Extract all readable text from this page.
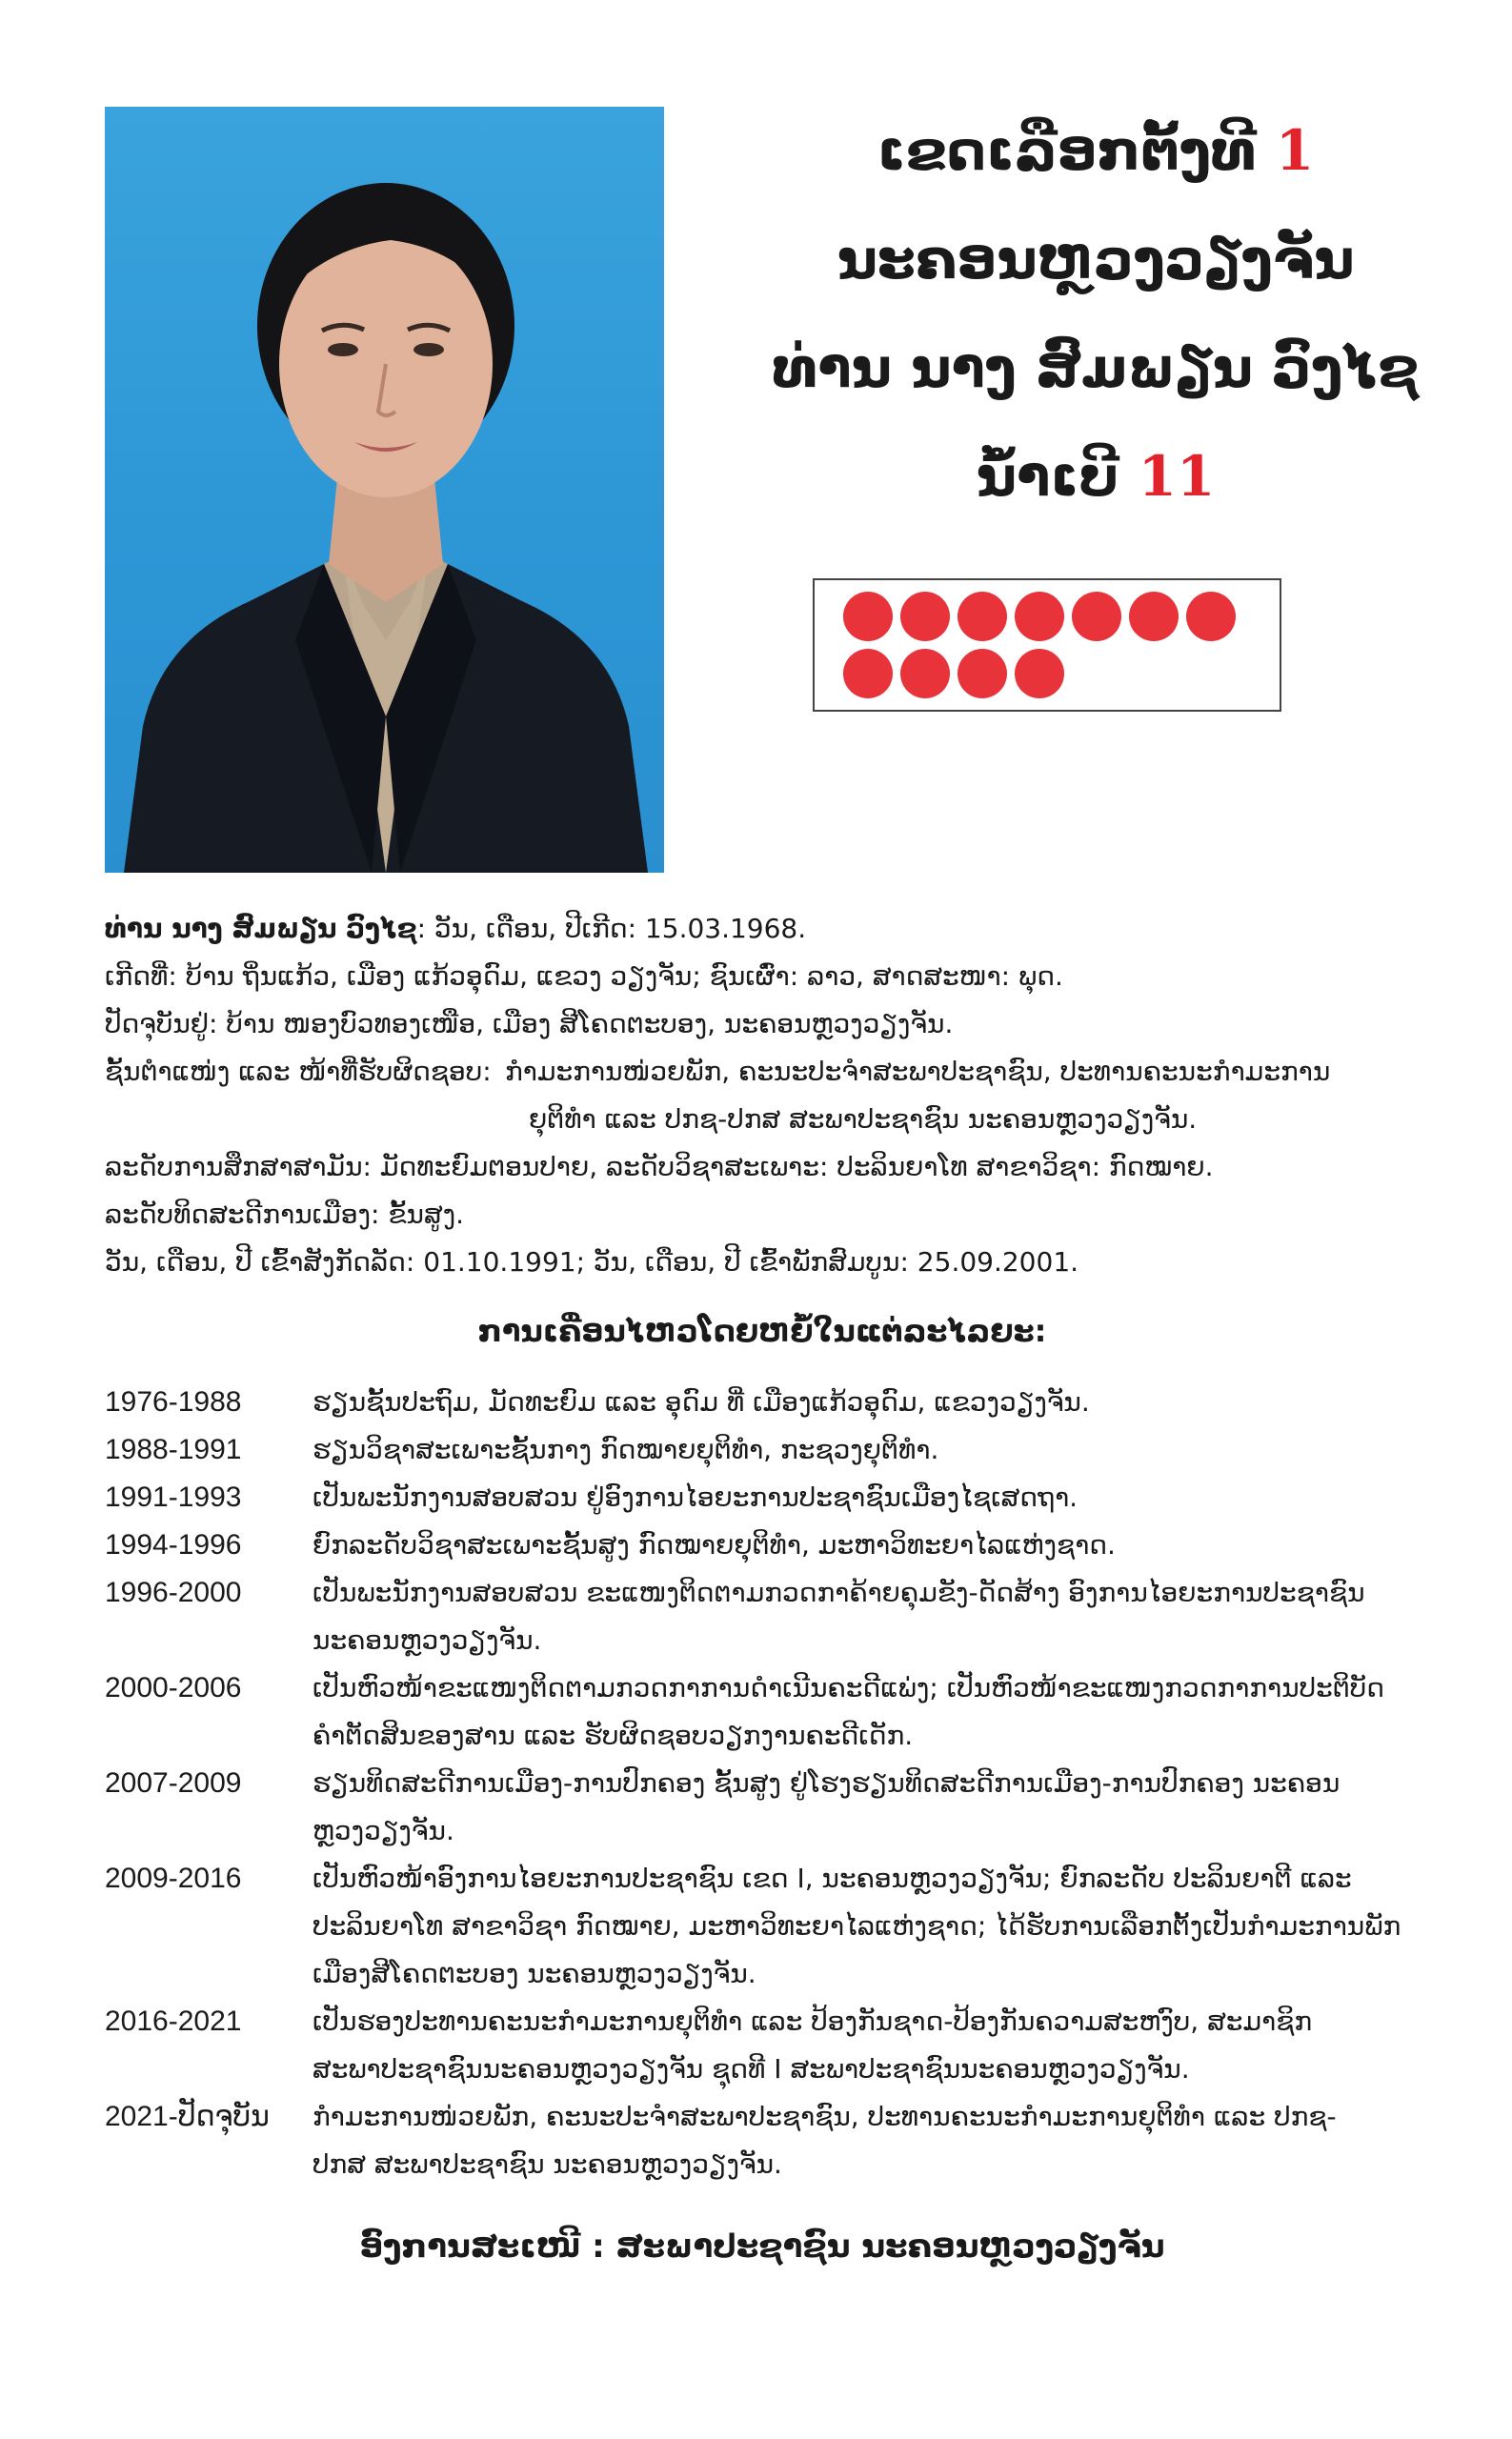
ເຂດເລືອກຕັ້ງທີ 1
ນະຄອນຫຼວງວຽງຈັນ
ທ່ານ ນາງ ສົມພຽນ ວົງໄຊ
ນໍ້າເບີ 11

ທ່ານ ນາງ ສົມພຽນ ວົງໄຊ: ວັນ, ເດືອນ, ປີເກີດ: 15.03.1968.
ເກີດທີ່: ບ້ານ ຖິ່ນແກ້ວ, ເມືອງ ແກ້ວອຸດົມ, ແຂວງ ວຽງຈັນ; ຊົນເຜົ່າ: ລາວ, ສາດສະໜາ: ພຸດ.
ປັດຈຸບັນຢູ່: ບ້ານ ໜອງບົວທອງເໜືອ, ເມືອງ ສີໂຄດຕະບອງ, ນະຄອນຫຼວງວຽງຈັນ.
ຊັ້ນຕໍາແໜ່ງ ແລະ ໜ້າທີ່ຮັບຜິດຊອບ: ກໍາມະການໜ່ວຍພັກ, ຄະນະປະຈໍາສະພາປະຊາຊົນ, ປະທານຄະນະກໍາມະການ
ຍຸຕິທໍາ ແລະ ປກຊ-ປກສ ສະພາປະຊາຊົນ ນະຄອນຫຼວງວຽງຈັນ.
ລະດັບການສຶກສາສາມັນ: ມັດທະຍົມຕອນປາຍ, ລະດັບວິຊາສະເພາະ: ປະລິນຍາໂທ ສາຂາວິຊາ: ກົດໝາຍ.
ລະດັບທິດສະດີການເມືອງ: ຂັ້ນສູງ.
ວັນ, ເດືອນ, ປີ ເຂົ້າສັງກັດລັດ: 01.10.1991; ວັນ, ເດືອນ, ປີ ເຂົ້າພັກສົມບູນ: 25.09.2001.
ການເຄື່ອນໄຫວໂດຍຫຍໍ້ໃນແຕ່ລະໄລຍະ:
1976-1988	ຮຽນຊັ້ນປະຖົມ, ມັດທະຍົມ ແລະ ອຸດົມ ທີ່ ເມືອງແກ້ວອຸດົມ, ແຂວງວຽງຈັນ.
1988-1991	ຮຽນວິຊາສະເພາະຊັ້ນກາງ ກົດໝາຍຍຸຕິທໍາ, ກະຊວງຍຸຕິທໍາ.
1991-1993	ເປັນພະນັກງານສອບສວນ ຢູ່ອົງການໄອຍະການປະຊາຊົນເມືອງໄຊເສດຖາ.
1994-1996	ຍົກລະດັບວິຊາສະເພາະຊັ້ນສູງ ກົດໝາຍຍຸຕິທໍາ, ມະຫາວິທະຍາໄລແຫ່ງຊາດ.
1996-2000	ເປັນພະນັກງານສອບສວນ ຂະແໜງຕິດຕາມກວດກາຄ້າຍຄຸມຂັງ-ດັດສ້າງ ອົງການໄອຍະການປະຊາຊົນ
ນະຄອນຫຼວງວຽງຈັນ.
2000-2006	ເປັນຫົວໜ້າຂະແໜງຕິດຕາມກວດກາການດໍາເນີນຄະດີແພ່ງ; ເປັນຫົວໜ້າຂະແໜງກວດກາການປະຕິບັດ
ຄໍາຕັດສິນຂອງສານ ແລະ ຮັບຜິດຊອບວຽກງານຄະດີເດັກ.
2007-2009	ຮຽນທິດສະດີການເມືອງ-ການປົກຄອງ ຊັ້ນສູງ ຢູ່ໂຮງຮຽນທິດສະດີການເມືອງ-ການປົກຄອງ ນະຄອນ
ຫຼວງວຽງຈັນ.
2009-2016	ເປັນຫົວໜ້າອົງການໄອຍະການປະຊາຊົນ ເຂດ I, ນະຄອນຫຼວງວຽງຈັນ; ຍົກລະດັບ ປະລິນຍາຕີ ແລະ
ປະລິນຍາໂທ ສາຂາວິຊາ ກົດໝາຍ, ມະຫາວິທະຍາໄລແຫ່ງຊາດ; ໄດ້ຮັບການເລືອກຕັ້ງເປັນກໍາມະການພັກ
ເມືອງສີໂຄດຕະບອງ ນະຄອນຫຼວງວຽງຈັນ.
2016-2021	ເປັນຮອງປະທານຄະນະກໍາມະການຍຸຕິທໍາ ແລະ ປ້ອງກັນຊາດ-ປ້ອງກັນຄວາມສະຫງົບ, ສະມາຊິກ
ສະພາປະຊາຊົນນະຄອນຫຼວງວຽງຈັນ ຊຸດທີ I ສະພາປະຊາຊົນນະຄອນຫຼວງວຽງຈັນ.
2021-ປັດຈຸບັນ	ກໍາມະການໜ່ວຍພັກ, ຄະນະປະຈໍາສະພາປະຊາຊົນ, ປະທານຄະນະກໍາມະການຍຸຕິທໍາ ແລະ ປກຊ-
ປກສ ສະພາປະຊາຊົນ ນະຄອນຫຼວງວຽງຈັນ.
ອົງການສະເໜີ : ສະພາປະຊາຊົນ ນະຄອນຫຼວງວຽງຈັນ
